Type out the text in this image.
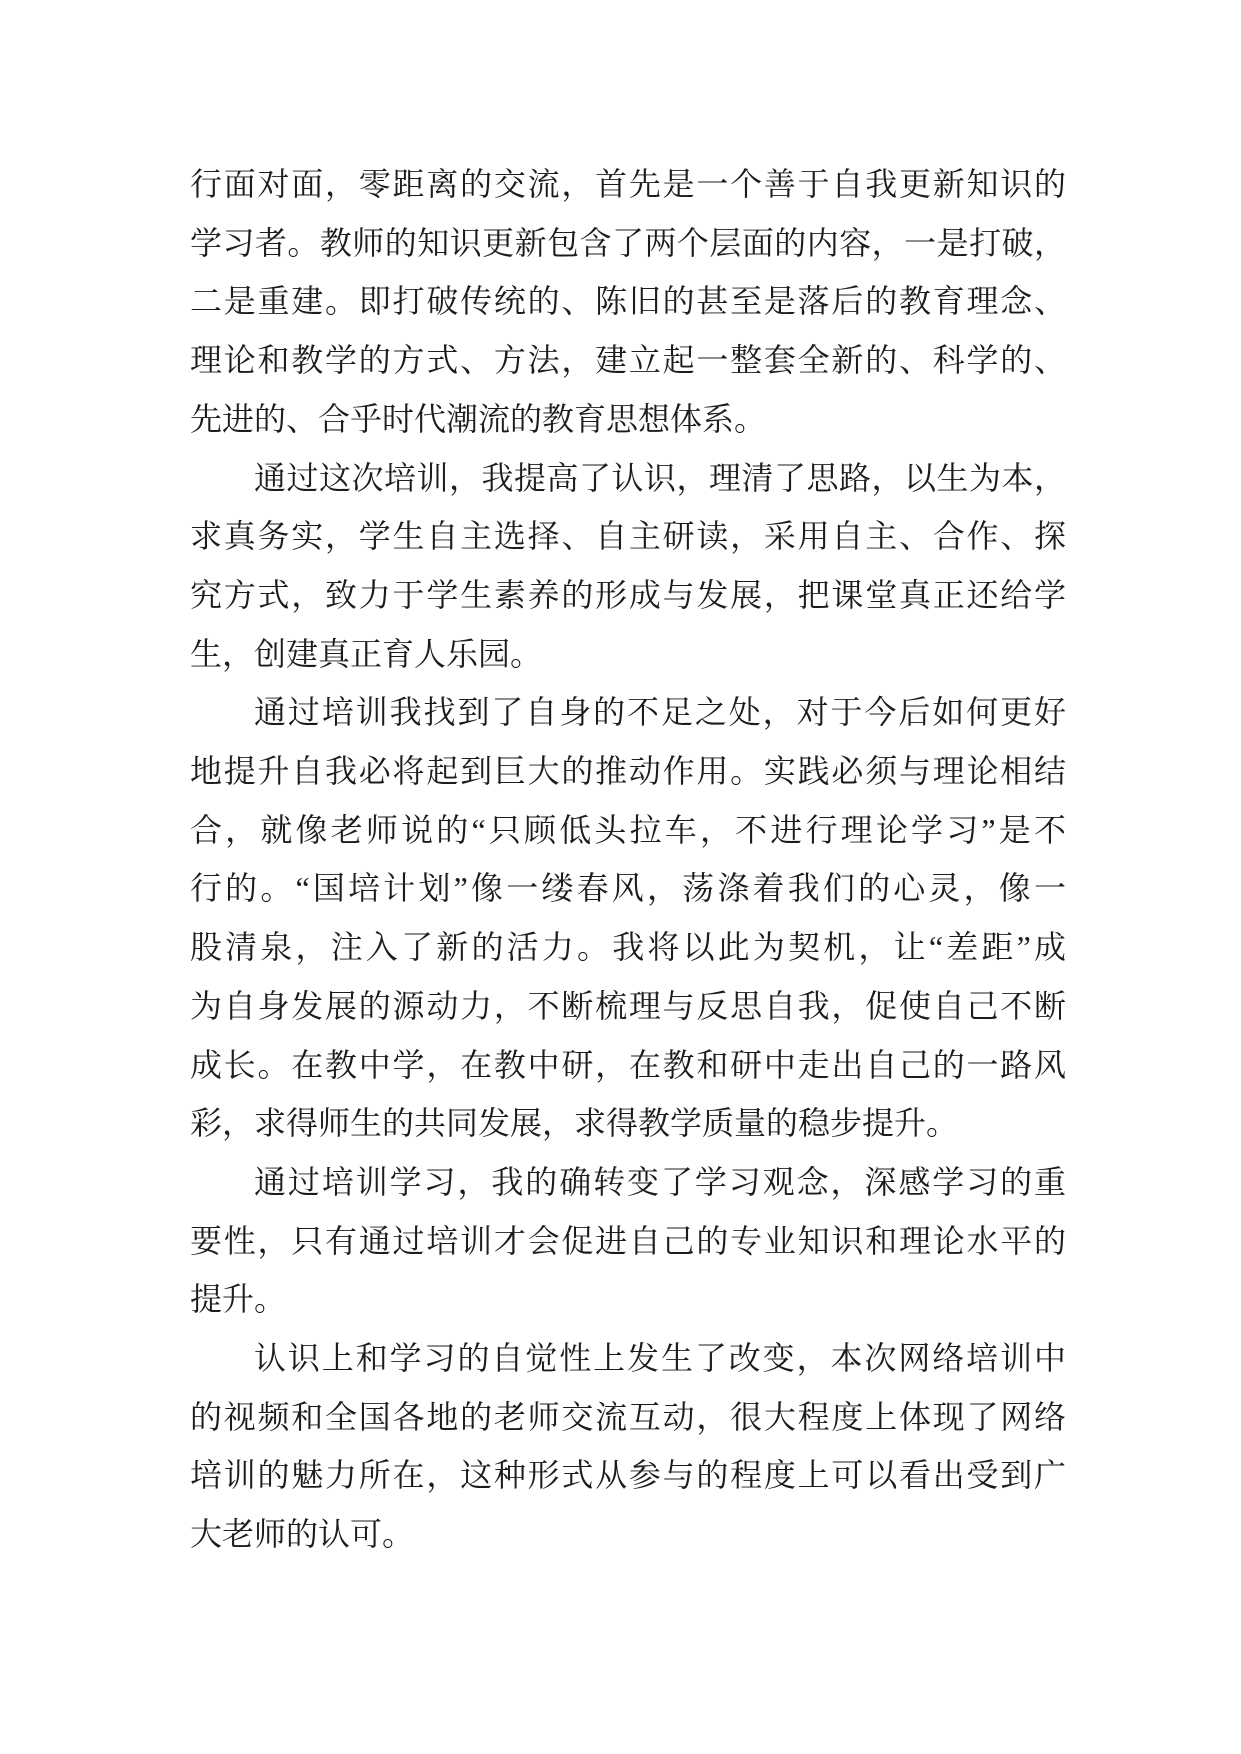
行面对面，零距离的交流，首先是一个善于自我更新知识的
学习者。教师的知识更新包含了两个层面的内容，一是打破，
二是重建。即打破传统的、陈旧的甚至是落后的教育理念、
理论和教学的方式、方法，建立起一整套全新的、科学的、
先进的、合乎时代潮流的教育思想体系。
通过这次培训，我提高了认识，理清了思路，以生为本，
求真务实，学生自主选择、自主研读，采用自主、合作、探
究方式，致力于学生素养的形成与发展，把课堂真正还给学
生，创建真正育人乐园。
通过培训我找到了自身的不足之处，对于今后如何更好
地提升自我必将起到巨大的推动作用。实践必须与理论相结
合，就像老师说的“只顾低头拉车，不进行理论学习”是不
行的。“国培计划”像一缕春风，荡涤着我们的心灵，像一
股清泉，注入了新的活力。我将以此为契机，让“差距”成
为自身发展的源动力，不断梳理与反思自我，促使自己不断
成长。在教中学，在教中研，在教和研中走出自己的一路风
彩，求得师生的共同发展，求得教学质量的稳步提升。
通过培训学习，我的确转变了学习观念，深感学习的重
要性，只有通过培训才会促进自己的专业知识和理论水平的
提升。
认识上和学习的自觉性上发生了改变，本次网络培训中
的视频和全国各地的老师交流互动，很大程度上体现了网络
培训的魅力所在，这种形式从参与的程度上可以看出受到广
大老师的认可。
